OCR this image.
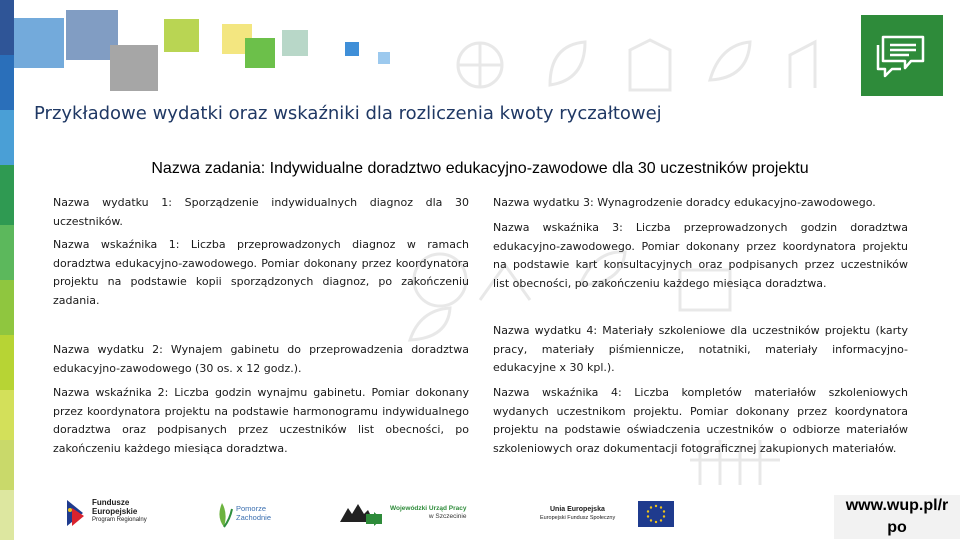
Przykładowe wydatki oraz wskaźniki dla rozliczenia kwoty ryczałtowej
Nazwa zadania: Indywidualne doradztwo edukacyjno-zawodowe dla 30 uczestników projektu
Nazwa wydatku 1: Sporządzenie indywidualnych diagnoz dla 30 uczestników.
Nazwa wskaźnika 1: Liczba przeprowadzonych diagnoz w ramach doradztwa edukacyjno-zawodowego. Pomiar dokonany przez koordynatora projektu na podstawie kopii sporządzonych diagnoz, po zakończeniu zadania.
Nazwa wydatku 2: Wynajem gabinetu do przeprowadzenia doradztwa edukacyjno-zawodowego (30 os. x 12 godz.).
Nazwa wskaźnika 2: Liczba godzin wynajmu gabinetu. Pomiar dokonany przez koordynatora projektu na podstawie harmonogramu indywidualnego doradztwa oraz podpisanych przez uczestników list obecności, po zakończeniu każdego miesiąca doradztwa.
Nazwa wydatku 3: Wynagrodzenie doradcy edukacyjno-zawodowego.
Nazwa wskaźnika 3: Liczba przeprowadzonych godzin doradztwa edukacyjno-zawodowego. Pomiar dokonany przez koordynatora projektu na podstawie kart konsultacyjnych oraz podpisanych przez uczestników list obecności, po zakończeniu każdego miesiąca doradztwa.
Nazwa wydatku 4: Materiały szkoleniowe dla uczestników projektu (karty pracy, materiały piśmiennicze, notatniki, materiały informacyjno-edukacyjne x 30 kpl.).
Nazwa wskaźnika 4: Liczba kompletów materiałów szkoleniowych wydanych uczestnikom projektu. Pomiar dokonany przez koordynatora projektu na podstawie oświadczenia uczestników o odbiorze materiałów szkoleniowych oraz dokumentacji fotograficznej zakupionych materiałów.
Fundusze
Europejskie
Program Regionalny
Pomorze
Zachodnie
Wojewódzki Urząd Pracy
w Szczecinie
Unia Europejska
Europejski Fundusz Społeczny
www.wup.pl/r
po
